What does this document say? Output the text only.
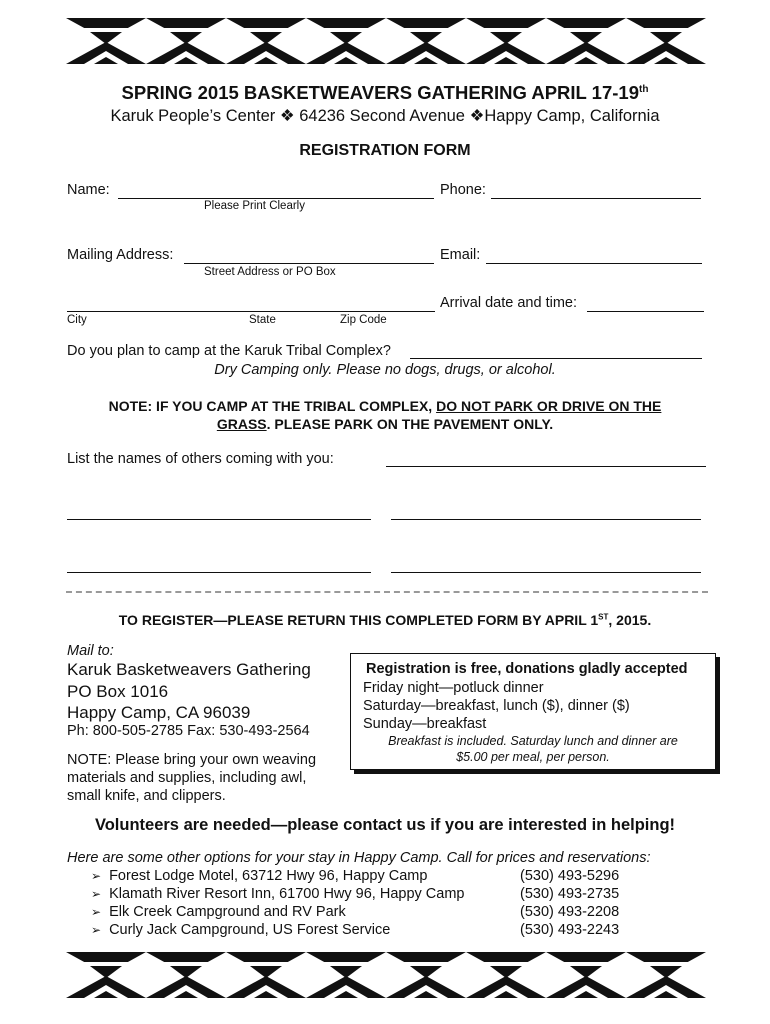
SPRING 2015 BASKETWEAVERS GATHERING APRIL 17-19th
Karuk People’s Center ❖ 64236 Second Avenue ❖Happy Camp, California
REGISTRATION FORM
Name:
Please Print Clearly
Phone:
Mailing Address:
Street Address or PO Box
Email:
City	State	Zip Code
Arrival date and time:
Do you plan to camp at the Karuk Tribal Complex?
Dry Camping only. Please no dogs, drugs, or alcohol.
NOTE: IF YOU CAMP AT THE TRIBAL COMPLEX, DO NOT PARK OR DRIVE ON THE
GRASS. PLEASE PARK ON THE PAVEMENT ONLY.
List the names of others coming with you:
TO REGISTER—PLEASE RETURN THIS COMPLETED FORM BY APRIL 1ST, 2015.
Mail to:
Karuk Basketweavers Gathering
PO Box 1016
Happy Camp, CA 96039
Ph: 800-505-2785 Fax: 530-493-2564
NOTE: Please bring your own weaving
materials and supplies, including awl,
small knife, and clippers.
Registration is free, donations gladly accepted
Friday night—potluck dinner
Saturday—breakfast, lunch ($), dinner ($)
Sunday—breakfast
Breakfast is included. Saturday lunch and dinner are
$5.00 per meal, per person.
Volunteers are needed—please contact us if you are interested in helping!
Here are some other options for your stay in Happy Camp. Call for prices and reservations:
➢ Forest Lodge Motel, 63712 Hwy 96, Happy Camp	(530) 493-5296
➢ Klamath River Resort Inn, 61700 Hwy 96, Happy Camp	(530) 493-2735
➢ Elk Creek Campground and RV Park	(530) 493-2208
➢ Curly Jack Campground, US Forest Service	(530) 493-2243
